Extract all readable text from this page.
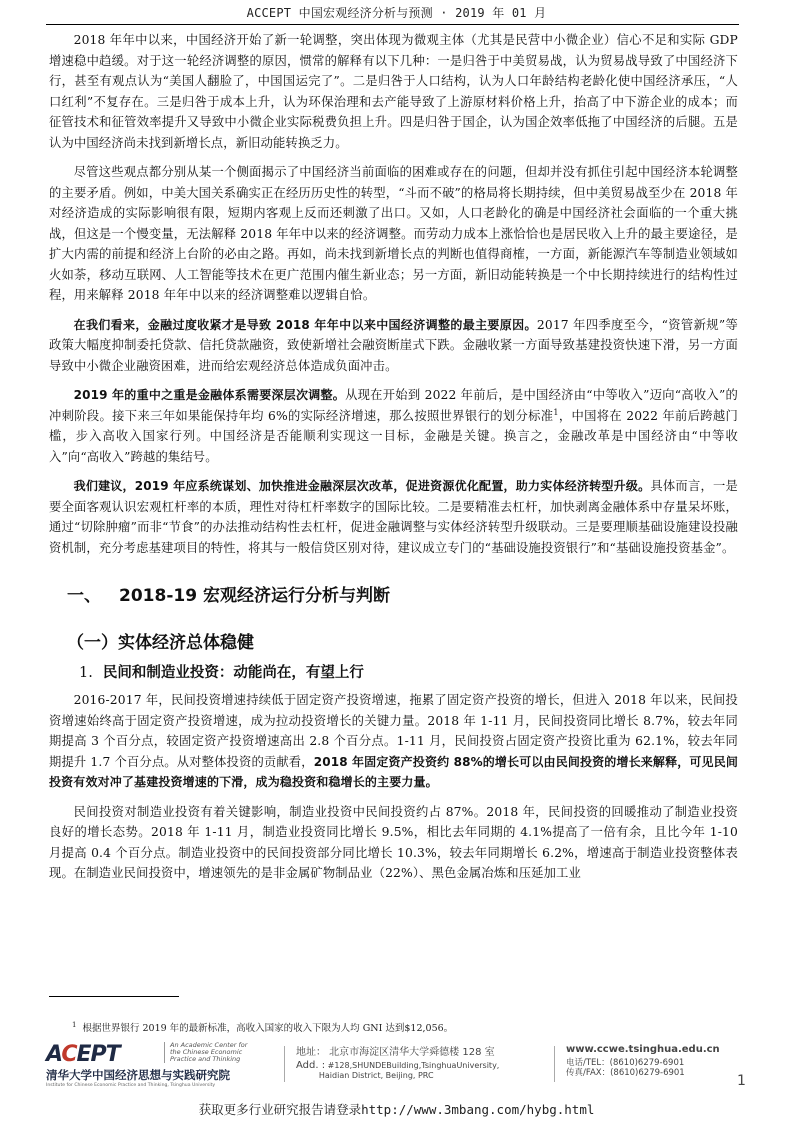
ACCEPT 中国宏观经济分析与预测 · 2019 年 01 月

2018 年年中以来，中国经济开始了新一轮调整，突出体现为微观主体（尤其是民营中小微企业）信心不足和实际 GDP 增速稳中趋缓。对于这一轮经济调整的原因，惯常的解释有以下几种：一是归咎于中美贸易战，认为贸易战导致了中国经济下行，甚至有观点认为“美国人翻脸了，中国国运完了”。二是归咎于人口结构，认为人口年龄结构老龄化使中国经济承压，“人口红利”不复存在。三是归咎于成本上升，认为环保治理和去产能导致了上游原材料价格上升，抬高了中下游企业的成本；而征管技术和征管效率提升又导致中小微企业实际税费负担上升。四是归咎于国企，认为国企效率低拖了中国经济的后腿。五是认为中国经济尚未找到新增长点，新旧动能转换乏力。

尽管这些观点都分别从某一个侧面揭示了中国经济当前面临的困难或存在的问题，但却并没有抓住引起中国经济本轮调整的主要矛盾。例如，中美大国关系确实正在经历历史性的转型，“斗而不破”的格局将长期持续，但中美贸易战至少在 2018 年对经济造成的实际影响很有限，短期内客观上反而还刺激了出口。又如，人口老龄化的确是中国经济社会面临的一个重大挑战，但这是一个慢变量，无法解释 2018 年年中以来的经济调整。而劳动力成本上涨恰恰也是居民收入上升的最主要途径，是扩大内需的前提和经济上台阶的必由之路。再如，尚未找到新增长点的判断也值得商榷，一方面，新能源汽车等制造业领域如火如荼，移动互联网、人工智能等技术在更广范围内催生新业态；另一方面，新旧动能转换是一个中长期持续进行的结构性过程，用来解释 2018 年年中以来的经济调整难以逻辑自恰。

在我们看来，金融过度收紧才是导致 2018 年年中以来中国经济调整的最主要原因。2017 年四季度至今，“资管新规”等政策大幅度抑制委托贷款、信托贷款融资，致使新增社会融资断崖式下跌。金融收紧一方面导致基建投资快速下滑，另一方面导致中小微企业融资困难，进而给宏观经济总体造成负面冲击。

2019 年的重中之重是金融体系需要深层次调整。从现在开始到 2022 年前后，是中国经济由“中等收入”迈向“高收入”的冲刺阶段。接下来三年如果能保持年均 6%的实际经济增速，那么按照世界银行的划分标准$^1$，中国将在 2022 年前后跨越门槛，步入高收入国家行列。中国经济是否能顺利实现这一目标，金融是关键。换言之，金融改革是中国经济由“中等收入”向“高收入”跨越的集结号。

我们建议，2019 年应系统谋划、加快推进金融深层次改革，促进资源优化配置，助力实体经济转型升级。具体而言，一是要全面客观认识宏观杠杆率的本质，理性对待杠杆率数字的国际比较。二是要精准去杠杆，加快剥离金融体系中存量呆坏账，通过“切除肿瘤”而非“节食”的办法推动结构性去杠杆，促进金融调整与实体经济转型升级联动。三是要理顺基础设施建设投融资机制，充分考虑基建项目的特性，将其与一般信贷区别对待，建议成立专门的“基础设施投资银行”和“基础设施投资基金”。

一、 2018-19 宏观经济运行分析与判断
（一）实体经济总体稳健
1. 民间和制造业投资：动能尚在，有望上行

2016-2017 年，民间投资增速持续低于固定资产投资增速，拖累了固定资产投资的增长，但进入 2018 年以来，民间投资增速始终高于固定资产投资增速，成为拉动投资增长的关键力量。2018 年 1-11 月，民间投资同比增长 8.7%，较去年同期提高 3 个百分点，较固定资产投资增速高出 2.8 个百分点。1-11 月，民间投资占固定资产投资比重为 62.1%，较去年同期提升 1.7 个百分点。从对整体投资的贡献看，2018 年固定资产投资约 88%的增长可以由民间投资的增长来解释，可见民间投资有效对冲了基建投资增速的下滑，成为稳投资和稳增长的主要力量。

民间投资对制造业投资有着关键影响，制造业投资中民间投资约占 87%。2018 年，民间投资的回暖推动了制造业投资良好的增长态势。2018 年 1-11 月，制造业投资同比增长 9.5%，相比去年同期的 4.1%提高了一倍有余，且比今年 1-10 月提高 0.4 个百分点。制造业投资中的民间投资部分同比增长 10.3%，较去年同期增长 6.2%，增速高于制造业投资整体表现。在制造业民间投资中，增速领先的是非金属矿物制品业（22%）、黑色金属冶炼和压延加工业

$^1$ 根据世界银行 2019 年的最新标准，高收入国家的收入下限为人均 GNI 达到$12,056。
ACEPT	An Academic Center for
the Chinese Economic
Practice and Thinking
清华大学中国经济思想与实践研究院
Institute for Chinese Economic Practice and Thinking, Tsinghua University
地址： 北京市海淀区清华大学舜德楼 128 室
Add. : #128,SHUNDEBuilding,TsinghuaUniversity,
Haidian District, Beijing, PRC
www.ccwe.tsinghua.edu.cn
电话/TEL：(8610)6279-6901
传真/FAX：(8610)6279-6901	1
获取更多行业研究报告请登录http://www.3mbang.com/hybg.html
